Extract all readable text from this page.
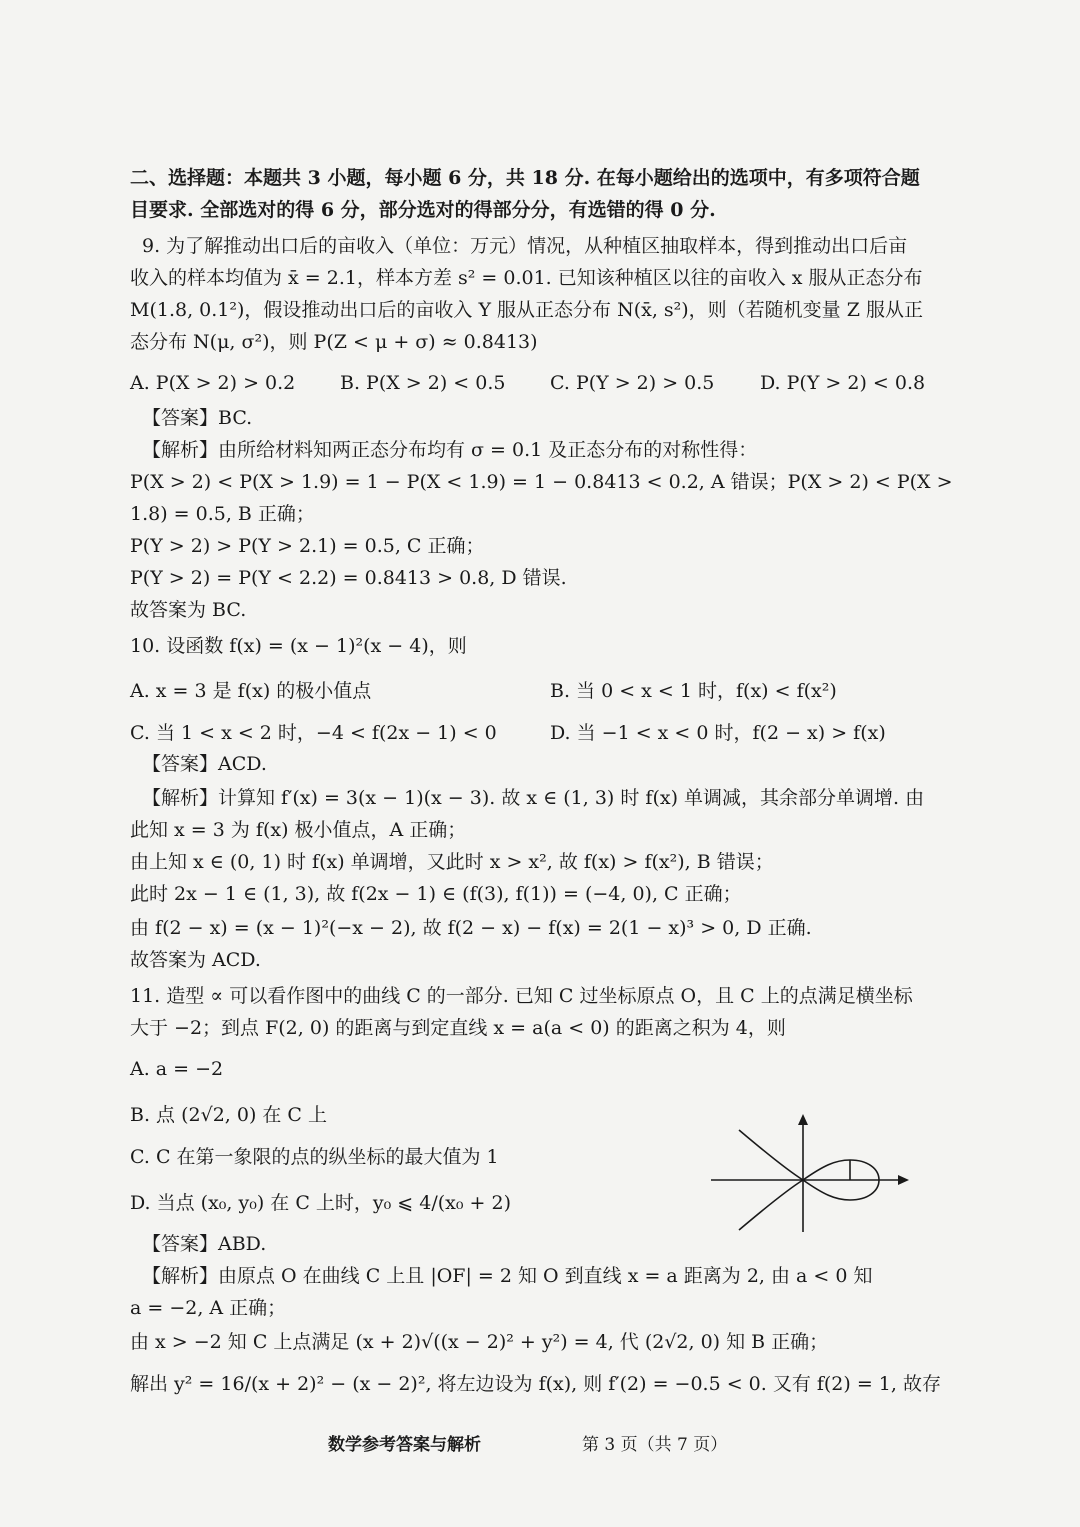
二、选择题：本题共 3 小题，每小题 6 分，共 18 分. 在每小题给出的选项中，有多项符合题
目要求. 全部选对的得 6 分，部分选对的得部分分，有选错的得 0 分.
9. 为了解推动出口后的亩收入（单位：万元）情况，从种植区抽取样本，得到推动出口后亩
收入的样本均值为 x̄ = 2.1，样本方差 s² = 0.01. 已知该种植区以往的亩收入 x 服从正态分布
M(1.8, 0.1²)，假设推动出口后的亩收入 Y 服从正态分布 N(x̄, s²)，则（若随机变量 Z 服从正
态分布 N(μ, σ²)，则 P(Z < μ + σ) ≈ 0.8413)
A. P(X > 2) > 0.2 B. P(X > 2) < 0.5 C. P(Y > 2) > 0.5 D. P(Y > 2) < 0.8
【答案】BC.
【解析】由所给材料知两正态分布均有 σ = 0.1 及正态分布的对称性得：
P(X > 2) < P(X > 1.9) = 1 − P(X < 1.9) = 1 − 0.8413 < 0.2, A 错误；P(X > 2) < P(X >
1.8) = 0.5, B 正确；
P(Y > 2) > P(Y > 2.1) = 0.5, C 正确；
P(Y > 2) = P(Y < 2.2) = 0.8413 > 0.8, D 错误.
故答案为 BC.
10. 设函数 f(x) = (x − 1)²(x − 4)，则
A. x = 3 是 f(x) 的极小值点	B. 当 0 < x < 1 时，f(x) < f(x²)
C. 当 1 < x < 2 时，−4 < f(2x − 1) < 0	D. 当 −1 < x < 0 时，f(2 − x) > f(x)
【答案】ACD.
【解析】计算知 f′(x) = 3(x − 1)(x − 3). 故 x ∈ (1, 3) 时 f(x) 单调减，其余部分单调增. 由
此知 x = 3 为 f(x) 极小值点，A 正确；
由上知 x ∈ (0, 1) 时 f(x) 单调增，又此时 x > x², 故 f(x) > f(x²), B 错误；
此时 2x − 1 ∈ (1, 3), 故 f(2x − 1) ∈ (f(3), f(1)) = (−4, 0), C 正确；
由 f(2 − x) = (x − 1)²(−x − 2), 故 f(2 − x) − f(x) = 2(1 − x)³ > 0, D 正确.
故答案为 ACD.
11. 造型 ∝ 可以看作图中的曲线 C 的一部分. 已知 C 过坐标原点 O，且 C 上的点满足横坐标
大于 −2；到点 F(2, 0) 的距离与到定直线 x = a(a < 0) 的距离之积为 4，则
A. a = −2
B. 点 (2√2, 0) 在 C 上
C. C 在第一象限的点的纵坐标的最大值为 1
D. 当点 (x₀, y₀) 在 C 上时，y₀ ⩽ 4/(x₀ + 2)
【答案】ABD.
【解析】由原点 O 在曲线 C 上且 |OF| = 2 知 O 到直线 x = a 距离为 2, 由 a < 0 知
a = −2, A 正确；
由 x > −2 知 C 上点满足 (x + 2)√((x − 2)² + y²) = 4, 代 (2√2, 0) 知 B 正确；
解出 y² = 16/(x + 2)² − (x − 2)², 将左边设为 f(x), 则 f′(2) = −0.5 < 0. 又有 f(2) = 1, 故存
数学参考答案与解析	第 3 页（共 7 页）
